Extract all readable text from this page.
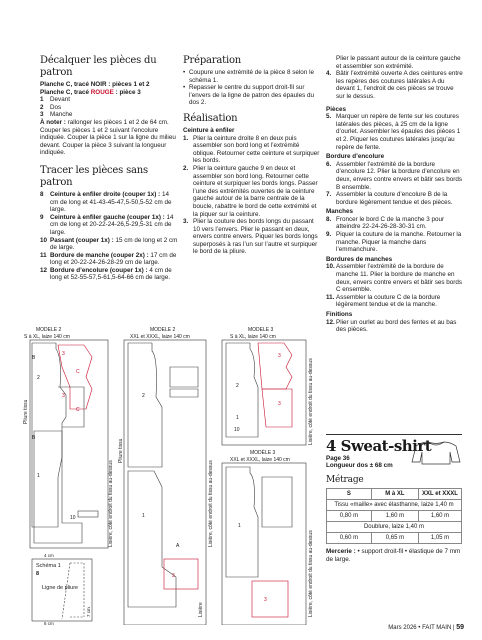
Décalquer les pièces du patron

Planche C, tracé NOIR : pièces 1 et 2

Planche C, tracé ROUGE : pièce 3

1	Devant
2	Dos
3	Manche

À noter : rallonger les pièces 1 et 2 de 64 cm. Couper les pièces 1 et 2 suivant l’encolure indiquée. Couper la pièce 1 sur la ligne du milieu devant. Couper la pièce 3 suivant la longueur indiquée.

Tracer les pièces sans patron
8	Ceinture à enfiler droite (couper 1x) : 14 cm de long et 41-43-45-47,5-50,5-52 cm de large.
9	Ceinture à enfiler gauche (couper 1x) : 14 cm de long et 20-22-24-26,5-29,5-31 cm de large.
10 Passant (couper 1x) : 15 cm de long et 2 cm de large.
11 Bordure de manche (couper 2x) : 17 cm de long et 20-22-24-26-28-29 cm de large.
12 Bordure d’encolure (couper 1x) : 4 cm de long et 52-55-57,5-61,5-64-66 cm de large.
Préparation
• Coupure une extrémité de la pièce 8 selon le schéma 1.
• Repasser le centre du support droit-fil sur l’envers de la ligne de patron des épaules du dos 2.
Réalisation

Ceinture à enfiler

1. Plier la ceinture droite 8 en deux puis assembler son bord long et l’extrémité oblique. Retourner cette ceinture et surpiquer les bords.
2. Plier la ceinture gauche 9 en deux et assembler son bord long. Retourner cette ceinture et surpiquer les bords longs. Passer l’une des extrémités ouvertes de la ceinture gauche autour de la barre centrale de la boucle, rabattre le bord de cette extrémité et la piquer sur la ceinture.
3. Plier la couture des bords longs du passant 10 vers l’envers. Plier le passant en deux, envers contre envers. Piquer les bords longs superposés à ras l’un sur l’autre et surpiquer le bord de la pliure.

Plier le passant autour de la ceinture gauche et assembler son extrémité.

4. Bâtir l’extrémité ouverte A des ceintures entre les repères des coutures latérales A du devant 1, l’endroit de ces pièces se trouve sur le dessus.

Pièces

5. Marquer un repère de fente sur les coutures latérales des pièces, à 25 cm de la ligne d’ourlet. Assembler les épaules des pièces 1 et 2. Piquer les coutures latérales jusqu’au repère de fente.

Bordure d’encolure

6. Assembler l’extrémité de la bordure d’encolure 12. Plier la bordure d’encolure en deux, envers contre envers et bâtir ses bords B ensemble.
7. Assembler la couture d’encolure B de la bordure légèrement tendue et des pièces.

Manches

8. Froncer le bord C de la manche 3 pour atteindre 22-24-26-28-30-31 cm.
9. Piquer la couture de la manche. Retourner la manche. Piquer la manche dans l’emmanchure.

Bordures de manches

10. Assembler l’extrémité de la bordure de manche 11. Plier la bordure de manche en deux, envers contre envers et bâtir ses bords C ensemble.
11. Assembler la couture C de la bordure légèrement tendue et de la manche.

Finitions

12. Plier un ourlet au bord des fentes et au bas des pièces.
MODÈLE 2
S à XL, laize 140 cm
3
C
3
C
2
1
B
B
10
Pliure tissu
Lisière, côté endroit du tissu au-dessus
MODÈLE 2
XXL et XXXL, laize 140 cm
2
1
3
A
Pliure tissu
Lisière, côté endroit du tissu au-dessus
Lisière
MODÈLE 3
S à XL, laize 140 cm
3
3
2
1
10	Lisière, côté endroit du tissu au-dessus
MODÈLE 3
XXL et XXXL, laize 140 cm
1
3	Lisière, côté endroit du tissu au-dessus
Schéma 1
8
Ligne de pliure
4 cm
6 cm
7 cm
4 Sweat-shirt

Page 36

Longueur dos ± 68 cm

Métrage
S	M à XL	XXL et XXXL
Tissu «maille» avec élasthanne, laize 1,40 m		
0,80 m	1,60 m	1,60 m
Doublure, laize 1,40 m		
0,60 m	0,65 m	1,05 m

Mercerie : • support droit-fil • élastique de 7 mm de large.

Mars 2026 • FAIT MAIN | 59
